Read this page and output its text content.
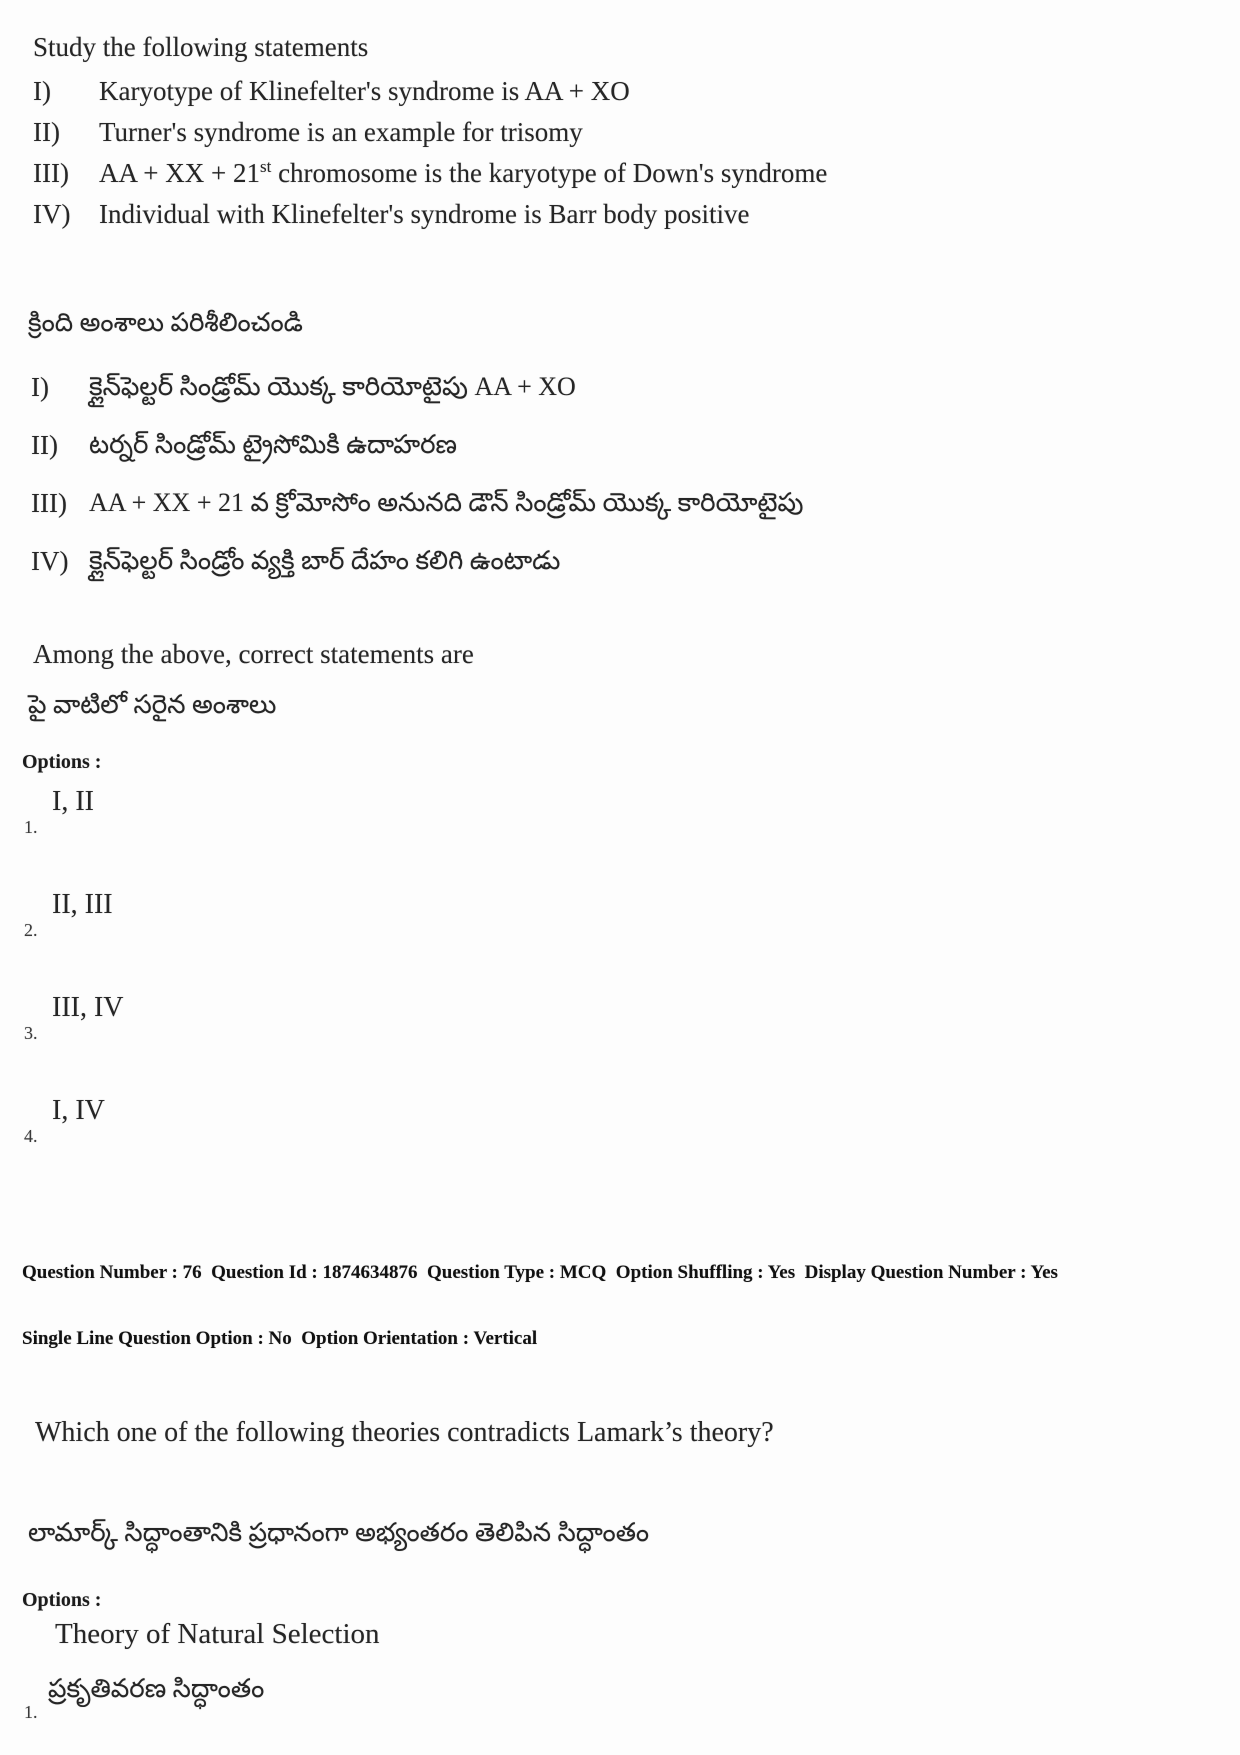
Study the following statements
I)	Karyotype of Klinefelter's syndrome is AA + XO
II)	Turner's syndrome is an example for trisomy
III)	AA + XX + 21st chromosome is the karyotype of Down's syndrome
IV)	Individual with Klinefelter's syndrome is Barr body positive
క్రింది అంశాలు పరిశీలించండి
I)	క్లైన్‌ఫెల్టర్ సిండ్రోమ్ యొక్క కారియోటైపు AA + XO
II)	టర్నర్ సిండ్రోమ్ ట్రైసోమికి ఉదాహరణ
III) AA + XX + 21 వ క్రోమోసోం అనునది డౌన్ సిండ్రోమ్ యొక్క కారియోటైపు
IV) క్లైన్‌ఫెల్టర్ సిండ్రోం వ్యక్తి బార్ దేహం కలిగి ఉంటాడు
Among the above, correct statements are
పై వాటిలో సరైన అంశాలు
Options :
I, II
1.
II, III
2.
III, IV
3.
I, IV
4.

Question Number : 76  Question Id : 1874634876  Question Type : MCQ  Option Shuffling : Yes  Display Question Number : Yes

Single Line Question Option : No  Option Orientation : Vertical

Which one of the following theories contradicts Lamark’s theory?
లామార్క్ సిద్ధాంతానికి ప్రధానంగా అభ్యంతరం తెలిపిన సిద్ధాంతం
Options :
Theory of Natural Selection
ప్రకృతివరణ సిద్ధాంతం
1.
